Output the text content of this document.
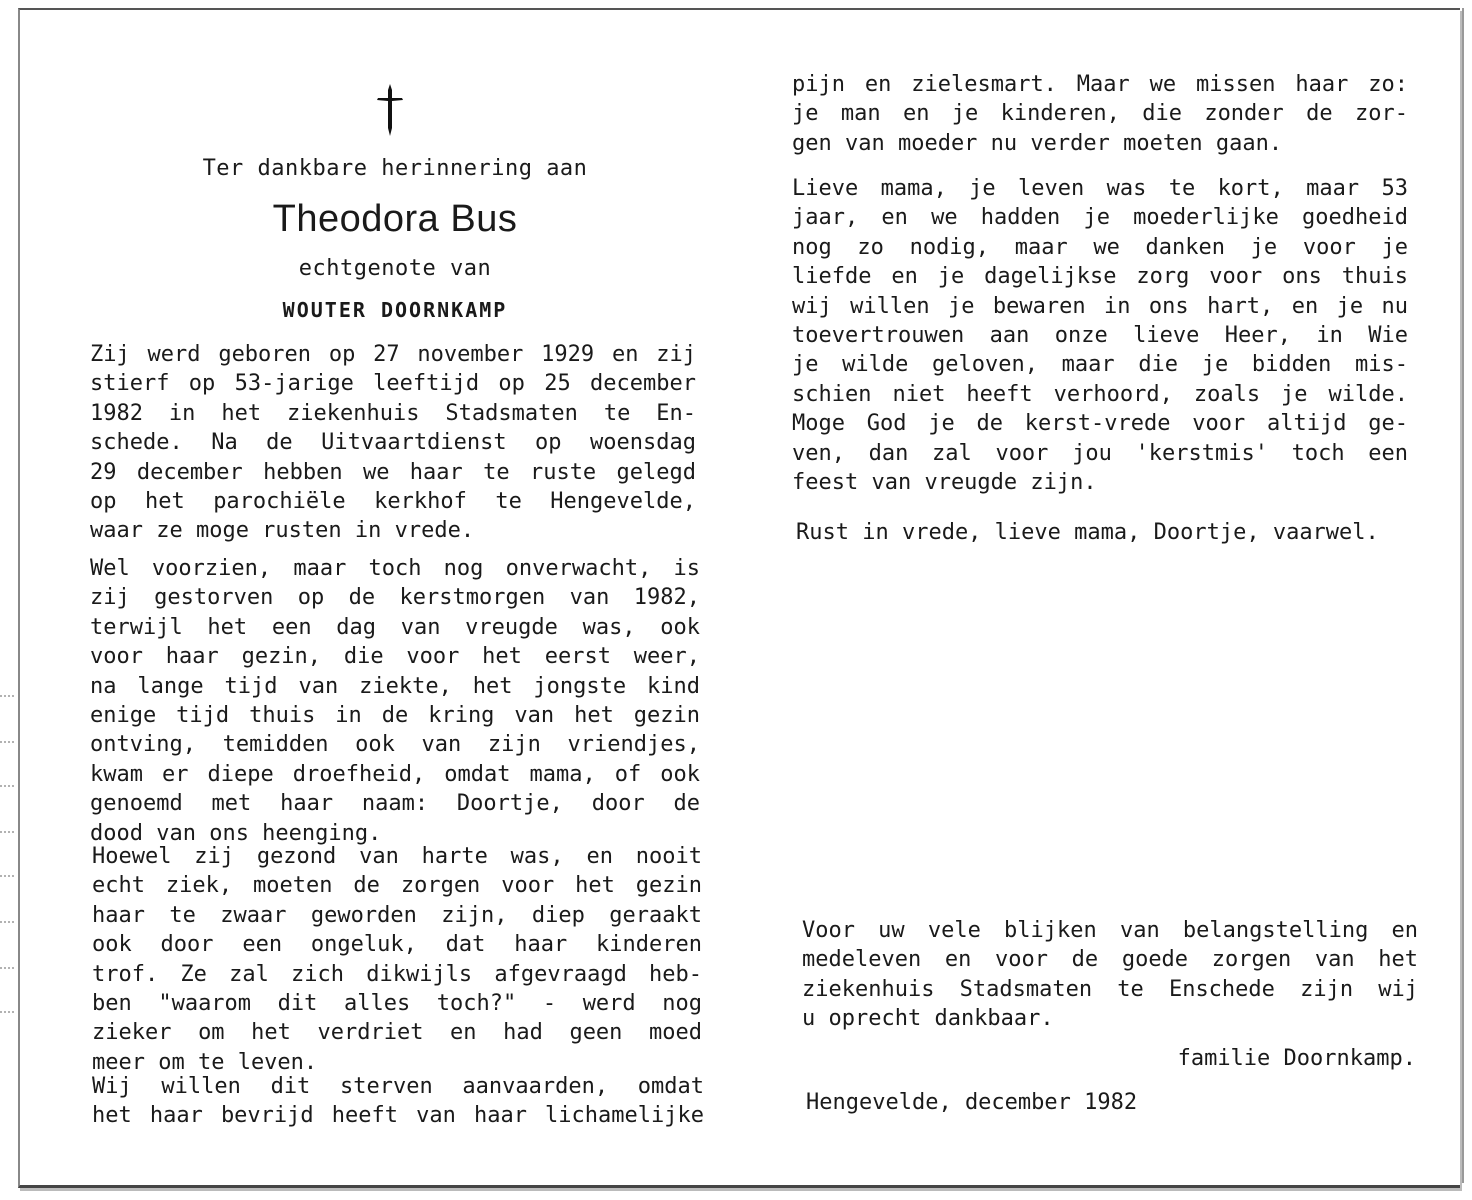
Ter dankbare herinnering aan
Theodora Bus
echtgenote van
WOUTER DOORNKAMP
Zij werd geboren op 27 november 1929 en zij
stierf op 53-jarige leeftijd op 25 december
1982 in het ziekenhuis Stadsmaten te En-
schede. Na de Uitvaartdienst op woensdag
29 december hebben we haar te ruste gelegd
op het parochiële kerkhof te Hengevelde,
waar ze moge rusten in vrede.
Wel voorzien, maar toch nog onverwacht, is
zij gestorven op de kerstmorgen van 1982,
terwijl het een dag van vreugde was, ook
voor haar gezin, die voor het eerst weer,
na lange tijd van ziekte, het jongste kind
enige tijd thuis in de kring van het gezin
ontving, temidden ook van zijn vriendjes,
kwam er diepe droefheid, omdat mama, of ook
genoemd met haar naam: Doortje, door de
dood van ons heenging.
Hoewel zij gezond van harte was, en nooit
echt ziek, moeten de zorgen voor het gezin
haar te zwaar geworden zijn, diep geraakt
ook door een ongeluk, dat haar kinderen
trof. Ze zal zich dikwijls afgevraagd heb-
ben "waarom dit alles toch?" - werd nog
zieker om het verdriet en had geen moed
meer om te leven.
Wij willen dit sterven aanvaarden, omdat
het haar bevrijd heeft van haar lichamelijke
pijn en zielesmart. Maar we missen haar zo:
je man en je kinderen, die zonder de zor-
gen van moeder nu verder moeten gaan.
Lieve mama, je leven was te kort, maar 53
jaar, en we hadden je moederlijke goedheid
nog zo nodig, maar we danken je voor je
liefde en je dagelijkse zorg voor ons thuis
wij willen je bewaren in ons hart, en je nu
toevertrouwen aan onze lieve Heer, in Wie
je wilde geloven, maar die je bidden mis-
schien niet heeft verhoord, zoals je wilde.
Moge God je de kerst-vrede voor altijd ge-
ven, dan zal voor jou 'kerstmis' toch een
feest van vreugde zijn.
Rust in vrede, lieve mama, Doortje, vaarwel.
Voor uw vele blijken van belangstelling en
medeleven en voor de goede zorgen van het
ziekenhuis Stadsmaten te Enschede zijn wij
u oprecht dankbaar.
familie Doornkamp.
Hengevelde, december 1982
